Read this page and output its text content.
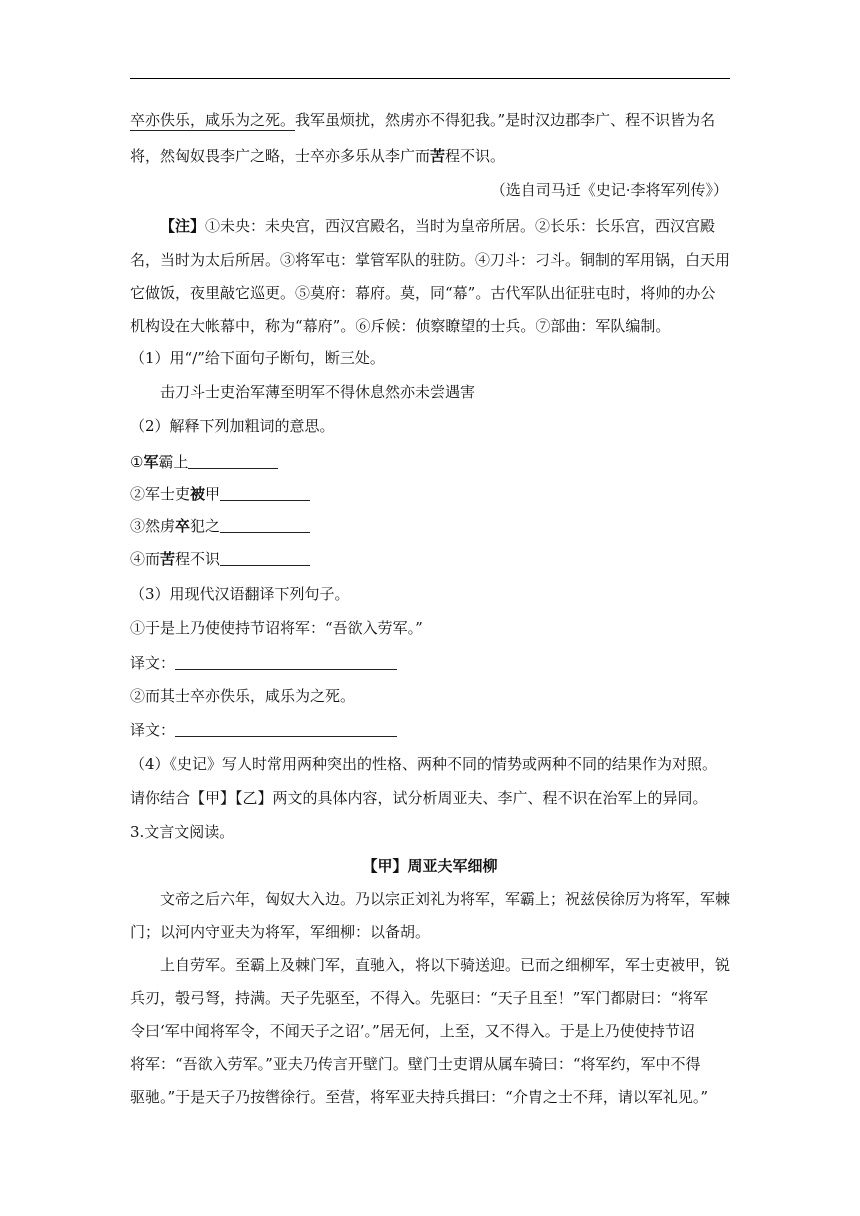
卒亦佚乐，咸乐为之死。我军虽烦扰，然虏亦不得犯我。”是时汉边郡李广、程不识皆为名
将，然匈奴畏李广之略，士卒亦多乐从李广而苦程不识。
（选自司马迁《史记·李将军列传》）
【注】①未央：未央宫，西汉宫殿名，当时为皇帝所居。②长乐：长乐宫，西汉宫殿
名，当时为太后所居。③将军屯：掌管军队的驻防。④刀斗：刁斗。铜制的军用锅，白天用
它做饭，夜里敲它巡更。⑤莫府：幕府。莫，同“幕”。古代军队出征驻屯时，将帅的办公
机构设在大帐幕中，称为“幕府”。⑥斥候：侦察瞭望的士兵。⑦部曲：军队编制。
（1）用“/”给下面句子断句，断三处。
击刀斗士吏治军薄至明军不得休息然亦未尝遇害
（2）解释下列加粗词的意思。
①军霸上
②军士吏被甲
③然虏卒犯之
④而苦程不识
（3）用现代汉语翻译下列句子。
①于是上乃使使持节诏将军：“吾欲入劳军。”
译文：
②而其士卒亦佚乐，咸乐为之死。
译文：
（4）《史记》写人时常用两种突出的性格、两种不同的情势或两种不同的结果作为对照。
请你结合【甲】【乙】两文的具体内容，试分析周亚夫、李广、程不识在治军上的异同。
3.文言文阅读。
【甲】周亚夫军细柳
文帝之后六年，匈奴大入边。乃以宗正刘礼为将军，军霸上；祝兹侯徐厉为将军，军棘
门；以河内守亚夫为将军，军细柳：以备胡。
上自劳军。至霸上及棘门军，直驰入，将以下骑送迎。已而之细柳军，军士吏被甲，锐
兵刃，彀弓弩，持满。天子先驱至，不得入。先驱曰：“天子且至！”军门都尉曰：“将军
令曰‘军中闻将军令，不闻天子之诏’。”居无何，上至，又不得入。于是上乃使使持节诏
将军：“吾欲入劳军。”亚夫乃传言开壁门。壁门士吏谓从属车骑曰：“将军约，军中不得
驱驰。”于是天子乃按辔徐行。至营，将军亚夫持兵揖曰：“介胄之士不拜，请以军礼见。”
